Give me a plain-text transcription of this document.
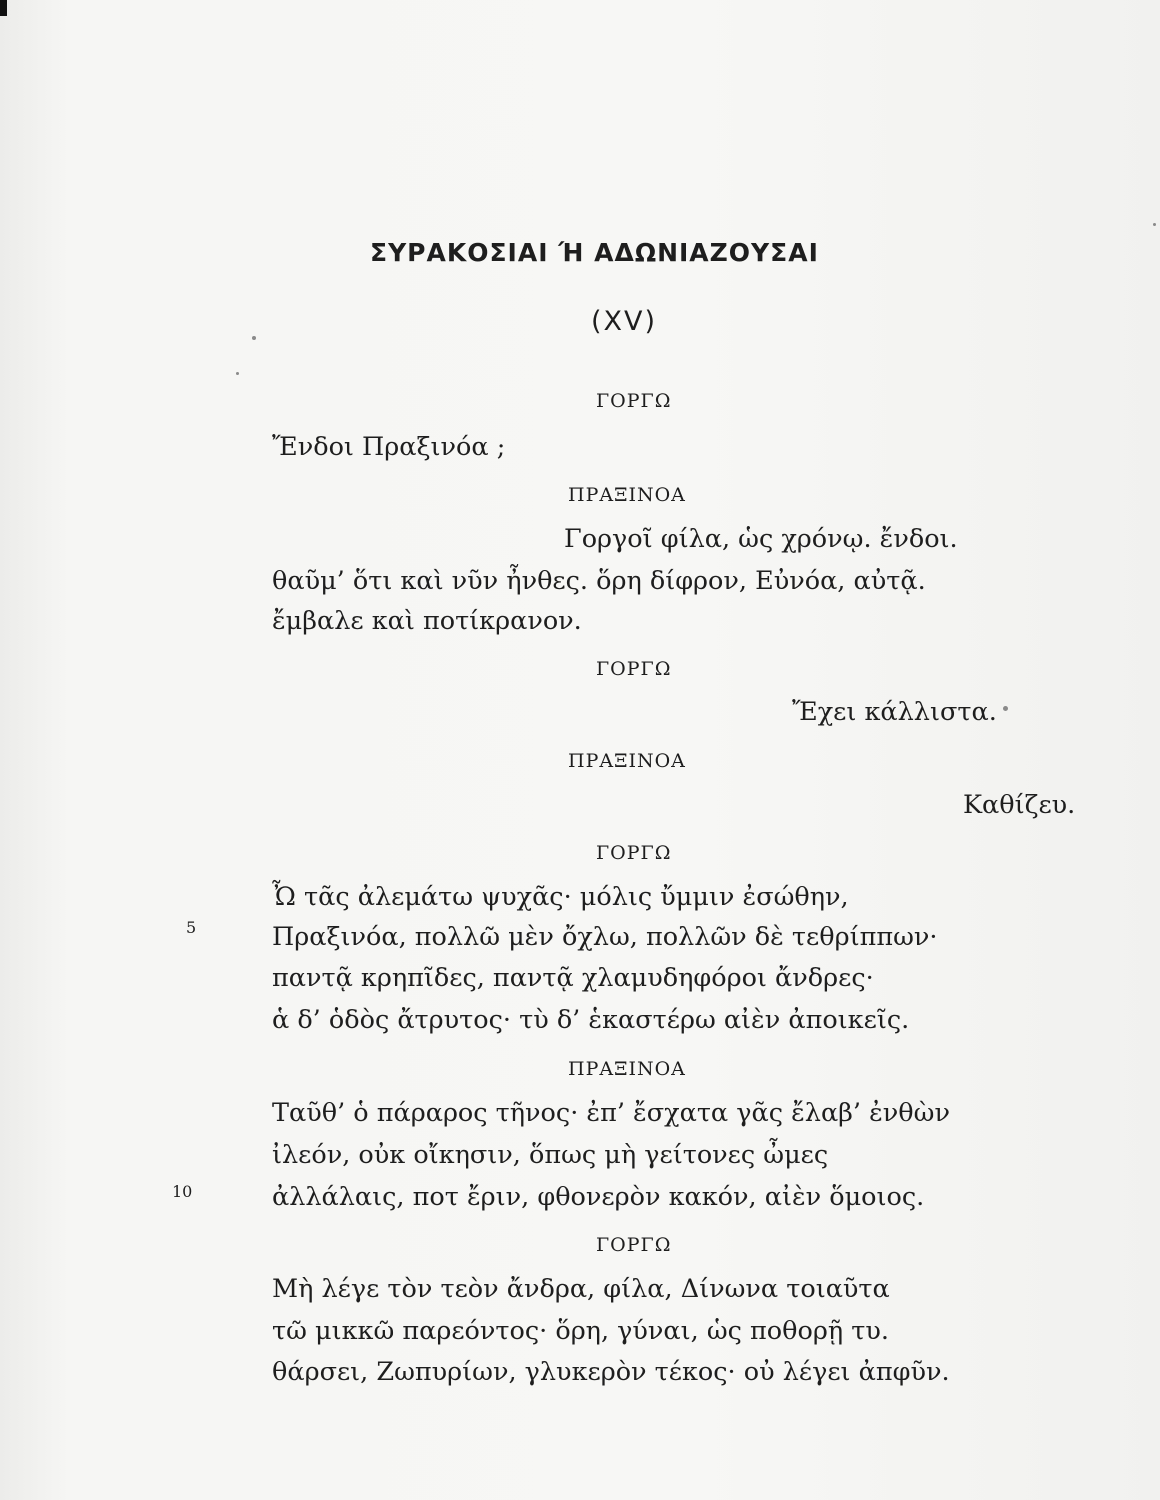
ΣΥΡΑΚΟΣΙΑΙ Ή ΑΔΩΝΙΑΖΟΥΣΑΙ
(XV)
ΓΟΡΓΩ
Ἔνδοι Πραξινόα ;
ΠΡΑΞΙΝΟΑ
Γοργοῖ φίλα, ὡς χρόνῳ. ἔνδοι.
θαῦμ’ ὅτι καὶ νῦν ἦνθες. ὅρη δίφρον, Εὐνόα, αὐτᾷ.
ἔμβαλε καὶ ποτίκρανον.
ΓΟΡΓΩ
Ἔχει κάλλιστα.
ΠΡΑΞΙΝΟΑ
Καθίζευ.
ΓΟΡΓΩ
Ὦ τᾶς ἀλεμάτω ψυχᾶς· μόλις ὔμμιν ἐσώθην,
5	Πραξινόα, πολλῶ μὲν ὄχλω, πολλῶν δὲ τεθρίππων·
παντᾷ κρηπῖδες, παντᾷ χλαμυδηφόροι ἄνδρες·
ἁ δ’ ὁδὸς ἄτρυτος· τὺ δ’ ἑκαστέρω αἰὲν ἀποικεῖς.
ΠΡΑΞΙΝΟΑ
Ταῦθ’ ὁ πάραρος τῆνος· ἐπ’ ἔσχατα γᾶς ἔλαβ’ ἐνθὼν
ἰλεόν, οὐκ οἴκησιν, ὅπως μὴ γείτονες ὦμες
10	ἀλλάλαις, ποτ ἔριν, φθονερὸν κακόν, αἰὲν ὅμοιος.
ΓΟΡΓΩ
Μὴ λέγε τὸν τεὸν ἄνδρα, φίλα, Δίνωνα τοιαῦτα
τῶ μικκῶ παρεόντος· ὅρη, γύναι, ὡς ποθορῇ τυ.
θάρσει, Ζωπυρίων, γλυκερὸν τέκος· οὐ λέγει ἀπφῦν.
